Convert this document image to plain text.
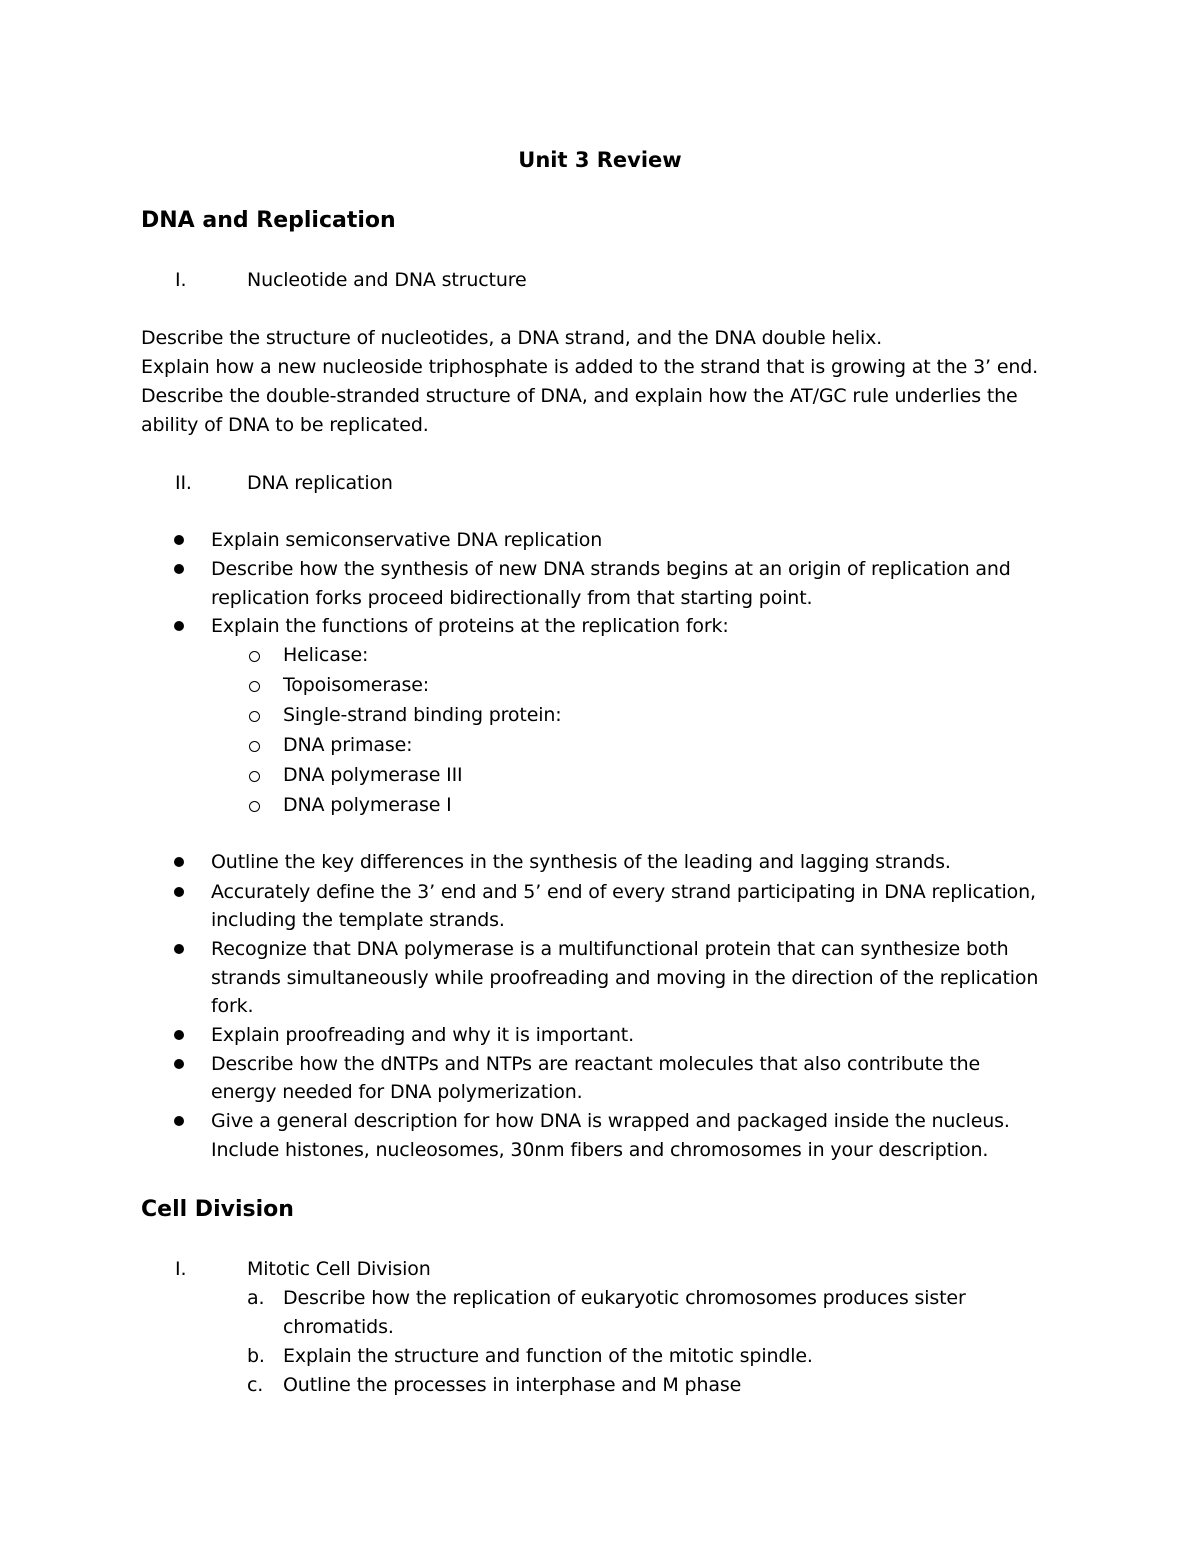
Unit 3 Review
DNA and Replication
I.	Nucleotide and DNA structure
Describe the structure of nucleotides, a DNA strand, and the DNA double helix.
Explain how a new nucleoside triphosphate is added to the strand that is growing at the 3’ end.
Describe the double-stranded structure of DNA, and explain how the AT/GC rule underlies the
ability of DNA to be replicated.
II.	DNA replication
Explain semiconservative DNA replication
Describe how the synthesis of new DNA strands begins at an origin of replication and
replication forks proceed bidirectionally from that starting point.
Explain the functions of proteins at the replication fork:
Helicase:
Topoisomerase:
Single-strand binding protein:
DNA primase:
DNA polymerase III
DNA polymerase I
Outline the key differences in the synthesis of the leading and lagging strands.
Accurately define the 3’ end and 5’ end of every strand participating in DNA replication,
including the template strands.
Recognize that DNA polymerase is a multifunctional protein that can synthesize both
strands simultaneously while proofreading and moving in the direction of the replication
fork.
Explain proofreading and why it is important.
Describe how the dNTPs and NTPs are reactant molecules that also contribute the
energy needed for DNA polymerization.
Give a general description for how DNA is wrapped and packaged inside the nucleus.
Include histones, nucleosomes, 30nm fibers and chromosomes in your description.
Cell Division
I.	Mitotic Cell Division
a. Describe how the replication of eukaryotic chromosomes produces sister
chromatids.
b. Explain the structure and function of the mitotic spindle.
c. Outline the processes in interphase and M phase
